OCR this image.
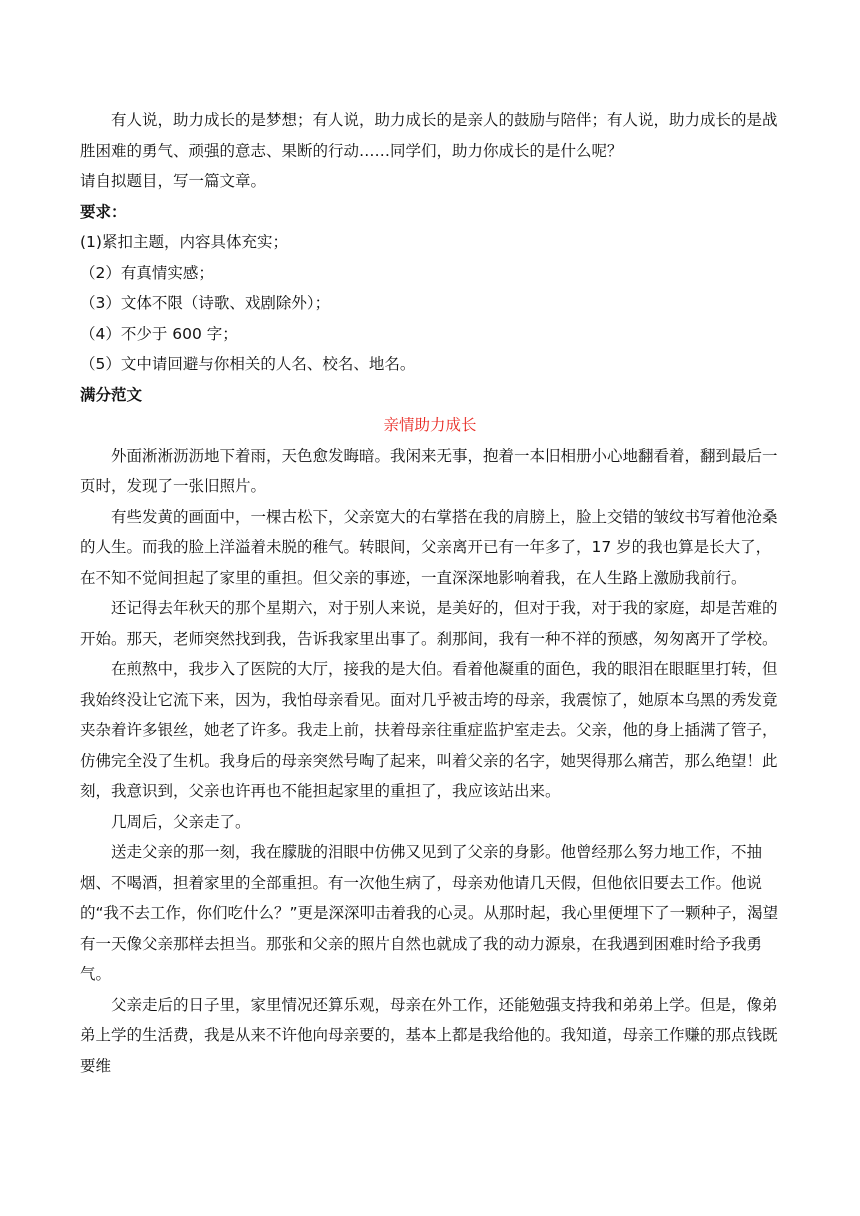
有人说，助力成长的是梦想；有人说，助力成长的是亲人的鼓励与陪伴；有人说，助力成长的是战胜困难的勇气、顽强的意志、果断的行动……同学们，助力你成长的是什么呢？

请自拟题目，写一篇文章。

要求：

(1)紧扣主题，内容具体充实；

（2）有真情实感；

（3）文体不限（诗歌、戏剧除外）；

（4）不少于 600 字；

（5）文中请回避与你相关的人名、校名、地名。

满分范文

亲情助力成长

外面淅淅沥沥地下着雨，天色愈发晦暗。我闲来无事，抱着一本旧相册小心地翻看着，翻到最后一页时，发现了一张旧照片。

有些发黄的画面中，一棵古松下，父亲宽大的右掌搭在我的肩膀上，脸上交错的皱纹书写着他沧桑的人生。而我的脸上洋溢着未脱的稚气。转眼间，父亲离开已有一年多了，17 岁的我也算是长大了，在不知不觉间担起了家里的重担。但父亲的事迹，一直深深地影响着我，在人生路上激励我前行。

还记得去年秋天的那个星期六，对于别人来说，是美好的，但对于我，对于我的家庭，却是苦难的开始。那天，老师突然找到我，告诉我家里出事了。刹那间，我有一种不祥的预感，匆匆离开了学校。

在煎熬中，我步入了医院的大厅，接我的是大伯。看着他凝重的面色，我的眼泪在眼眶里打转，但我始终没让它流下来，因为，我怕母亲看见。面对几乎被击垮的母亲，我震惊了，她原本乌黑的秀发竟夹杂着许多银丝，她老了许多。我走上前，扶着母亲往重症监护室走去。父亲，他的身上插满了管子，仿佛完全没了生机。我身后的母亲突然号啕了起来，叫着父亲的名字，她哭得那么痛苦，那么绝望！此刻，我意识到，父亲也许再也不能担起家里的重担了，我应该站出来。

几周后，父亲走了。

送走父亲的那一刻，我在朦胧的泪眼中仿佛又见到了父亲的身影。他曾经那么努力地工作，不抽烟、不喝酒，担着家里的全部重担。有一次他生病了，母亲劝他请几天假，但他依旧要去工作。他说的“我不去工作，你们吃什么？”更是深深叩击着我的心灵。从那时起，我心里便埋下了一颗种子，渴望有一天像父亲那样去担当。那张和父亲的照片自然也就成了我的动力源泉，在我遇到困难时给予我勇气。

父亲走后的日子里，家里情况还算乐观，母亲在外工作，还能勉强支持我和弟弟上学。但是，像弟弟上学的生活费，我是从来不许他向母亲要的，基本上都是我给他的。我知道，母亲工作赚的那点钱既要维
